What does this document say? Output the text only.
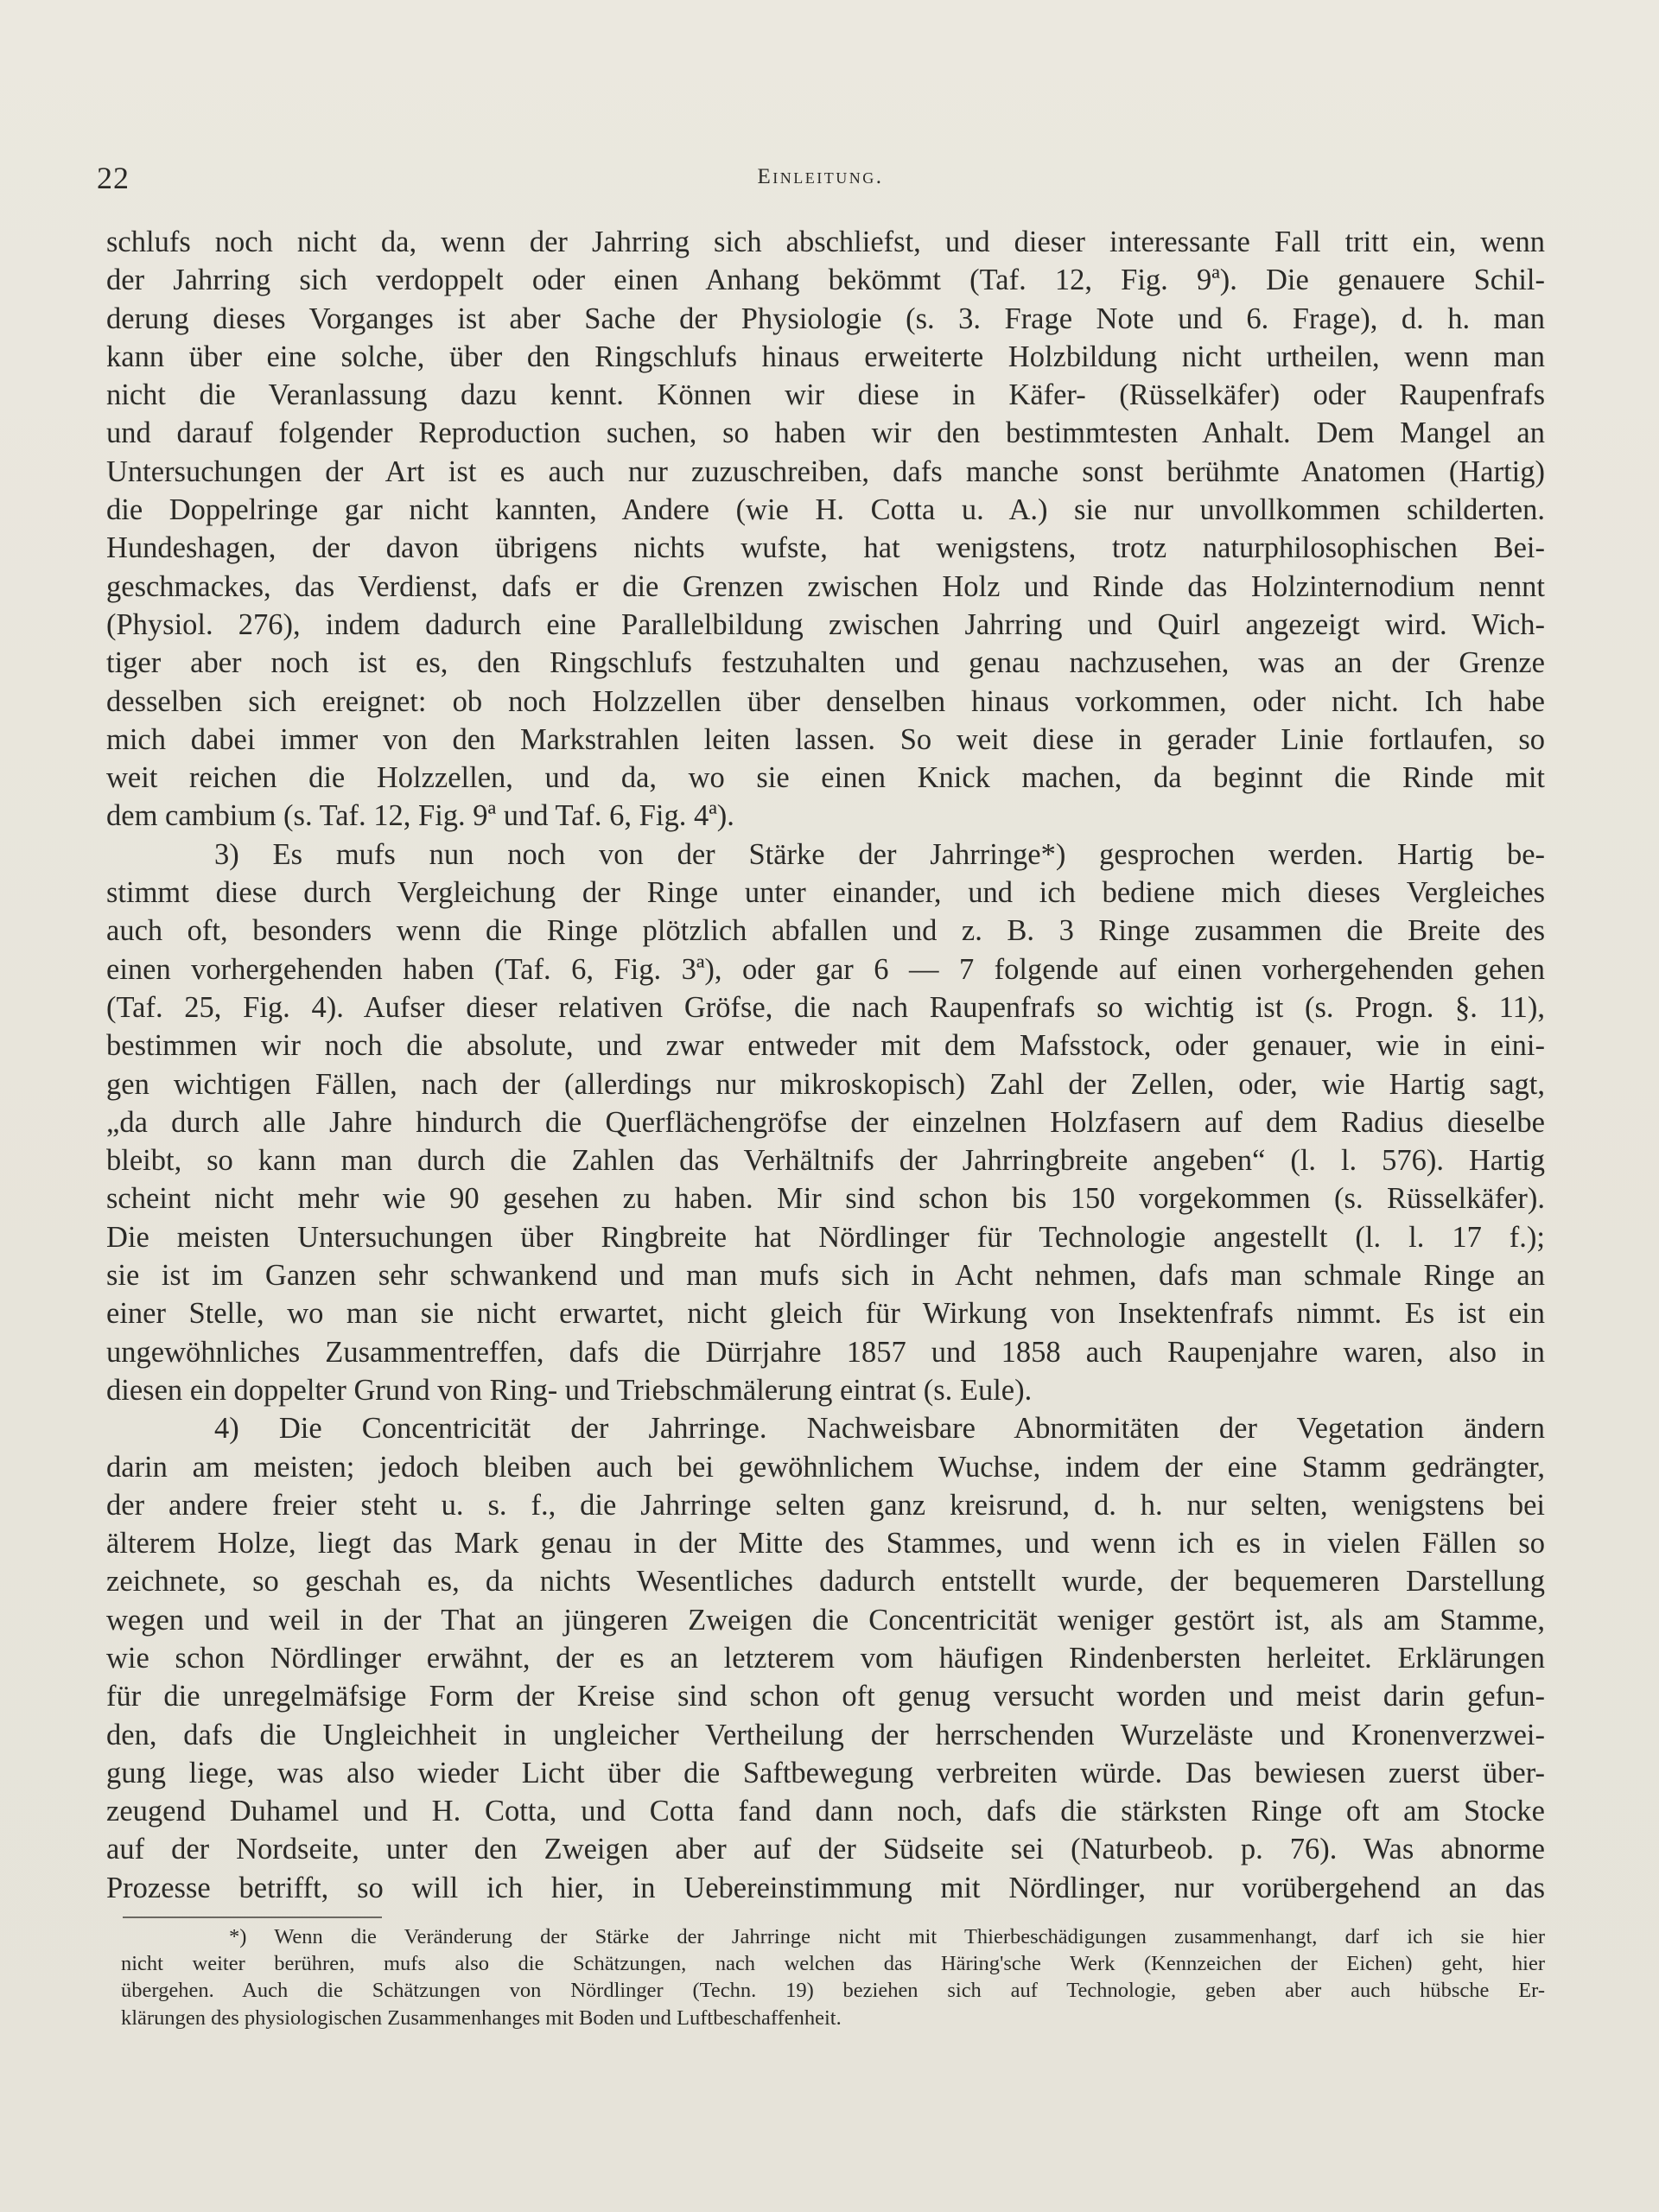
22	Einleitung.
schlufs noch nicht da, wenn der Jahrring sich abschliefst, und dieser interessante Fall tritt ein, wenn
der Jahrring sich verdoppelt oder einen Anhang bekömmt (Taf. 12, Fig. 9ª). Die genauere Schil-
derung dieses Vorganges ist aber Sache der Physiologie (s. 3. Frage Note und 6. Frage), d. h. man
kann über eine solche, über den Ringschlufs hinaus erweiterte Holzbildung nicht urtheilen, wenn man
nicht die Veranlassung dazu kennt. Können wir diese in Käfer- (Rüsselkäfer) oder Raupenfrafs
und darauf folgender Reproduction suchen, so haben wir den bestimmtesten Anhalt. Dem Mangel an
Untersuchungen der Art ist es auch nur zuzuschreiben, dafs manche sonst berühmte Anatomen (Hartig)
die Doppelringe gar nicht kannten, Andere (wie H. Cotta u. A.) sie nur unvollkommen schilderten.
Hundeshagen, der davon übrigens nichts wufste, hat wenigstens, trotz naturphilosophischen Bei-
geschmackes, das Verdienst, dafs er die Grenzen zwischen Holz und Rinde das Holzinternodium nennt
(Physiol. 276), indem dadurch eine Parallelbildung zwischen Jahrring und Quirl angezeigt wird. Wich-
tiger aber noch ist es, den Ringschlufs festzuhalten und genau nachzusehen, was an der Grenze
desselben sich ereignet: ob noch Holzzellen über denselben hinaus vorkommen, oder nicht. Ich habe
mich dabei immer von den Markstrahlen leiten lassen. So weit diese in gerader Linie fortlaufen, so
weit reichen die Holzzellen, und da, wo sie einen Knick machen, da beginnt die Rinde mit
dem cambium (s. Taf. 12, Fig. 9ª und Taf. 6, Fig. 4ª).
3) Es mufs nun noch von der Stärke der Jahrringe*) gesprochen werden. Hartig be-
stimmt diese durch Vergleichung der Ringe unter einander, und ich bediene mich dieses Vergleiches
auch oft, besonders wenn die Ringe plötzlich abfallen und z. B. 3 Ringe zusammen die Breite des
einen vorhergehenden haben (Taf. 6, Fig. 3ª), oder gar 6 — 7 folgende auf einen vorhergehenden gehen
(Taf. 25, Fig. 4). Aufser dieser relativen Gröfse, die nach Raupenfrafs so wichtig ist (s. Progn. §. 11),
bestimmen wir noch die absolute, und zwar entweder mit dem Mafsstock, oder genauer, wie in eini-
gen wichtigen Fällen, nach der (allerdings nur mikroskopisch) Zahl der Zellen, oder, wie Hartig sagt,
„da durch alle Jahre hindurch die Querflächengröfse der einzelnen Holzfasern auf dem Radius dieselbe
bleibt, so kann man durch die Zahlen das Verhältnifs der Jahrringbreite angeben“ (l. l. 576). Hartig
scheint nicht mehr wie 90 gesehen zu haben. Mir sind schon bis 150 vorgekommen (s. Rüsselkäfer).
Die meisten Untersuchungen über Ringbreite hat Nördlinger für Technologie angestellt (l. l. 17 f.);
sie ist im Ganzen sehr schwankend und man mufs sich in Acht nehmen, dafs man schmale Ringe an
einer Stelle, wo man sie nicht erwartet, nicht gleich für Wirkung von Insektenfrafs nimmt. Es ist ein
ungewöhnliches Zusammentreffen, dafs die Dürrjahre 1857 und 1858 auch Raupenjahre waren, also in
diesen ein doppelter Grund von Ring- und Triebschmälerung eintrat (s. Eule).
4) Die Concentricität der Jahrringe. Nachweisbare Abnormitäten der Vegetation ändern
darin am meisten; jedoch bleiben auch bei gewöhnlichem Wuchse, indem der eine Stamm gedrängter,
der andere freier steht u. s. f., die Jahrringe selten ganz kreisrund, d. h. nur selten, wenigstens bei
älterem Holze, liegt das Mark genau in der Mitte des Stammes, und wenn ich es in vielen Fällen so
zeichnete, so geschah es, da nichts Wesentliches dadurch entstellt wurde, der bequemeren Darstellung
wegen und weil in der That an jüngeren Zweigen die Concentricität weniger gestört ist, als am Stamme,
wie schon Nördlinger erwähnt, der es an letzterem vom häufigen Rindenbersten herleitet. Erklärungen
für die unregelmäfsige Form der Kreise sind schon oft genug versucht worden und meist darin gefun-
den, dafs die Ungleichheit in ungleicher Vertheilung der herrschenden Wurzeläste und Kronenverzwei-
gung liege, was also wieder Licht über die Saftbewegung verbreiten würde. Das bewiesen zuerst über-
zeugend Duhamel und H. Cotta, und Cotta fand dann noch, dafs die stärksten Ringe oft am Stocke
auf der Nordseite, unter den Zweigen aber auf der Südseite sei (Naturbeob. p. 76). Was abnorme
Prozesse betrifft, so will ich hier, in Uebereinstimmung mit Nördlinger, nur vorübergehend an das
*) Wenn die Veränderung der Stärke der Jahrringe nicht mit Thierbeschädigungen zusammenhangt, darf ich sie hier
nicht weiter berühren, mufs also die Schätzungen, nach welchen das Häring'sche Werk (Kennzeichen der Eichen) geht, hier
übergehen. Auch die Schätzungen von Nördlinger (Techn. 19) beziehen sich auf Technologie, geben aber auch hübsche Er-
klärungen des physiologischen Zusammenhanges mit Boden und Luftbeschaffenheit.
